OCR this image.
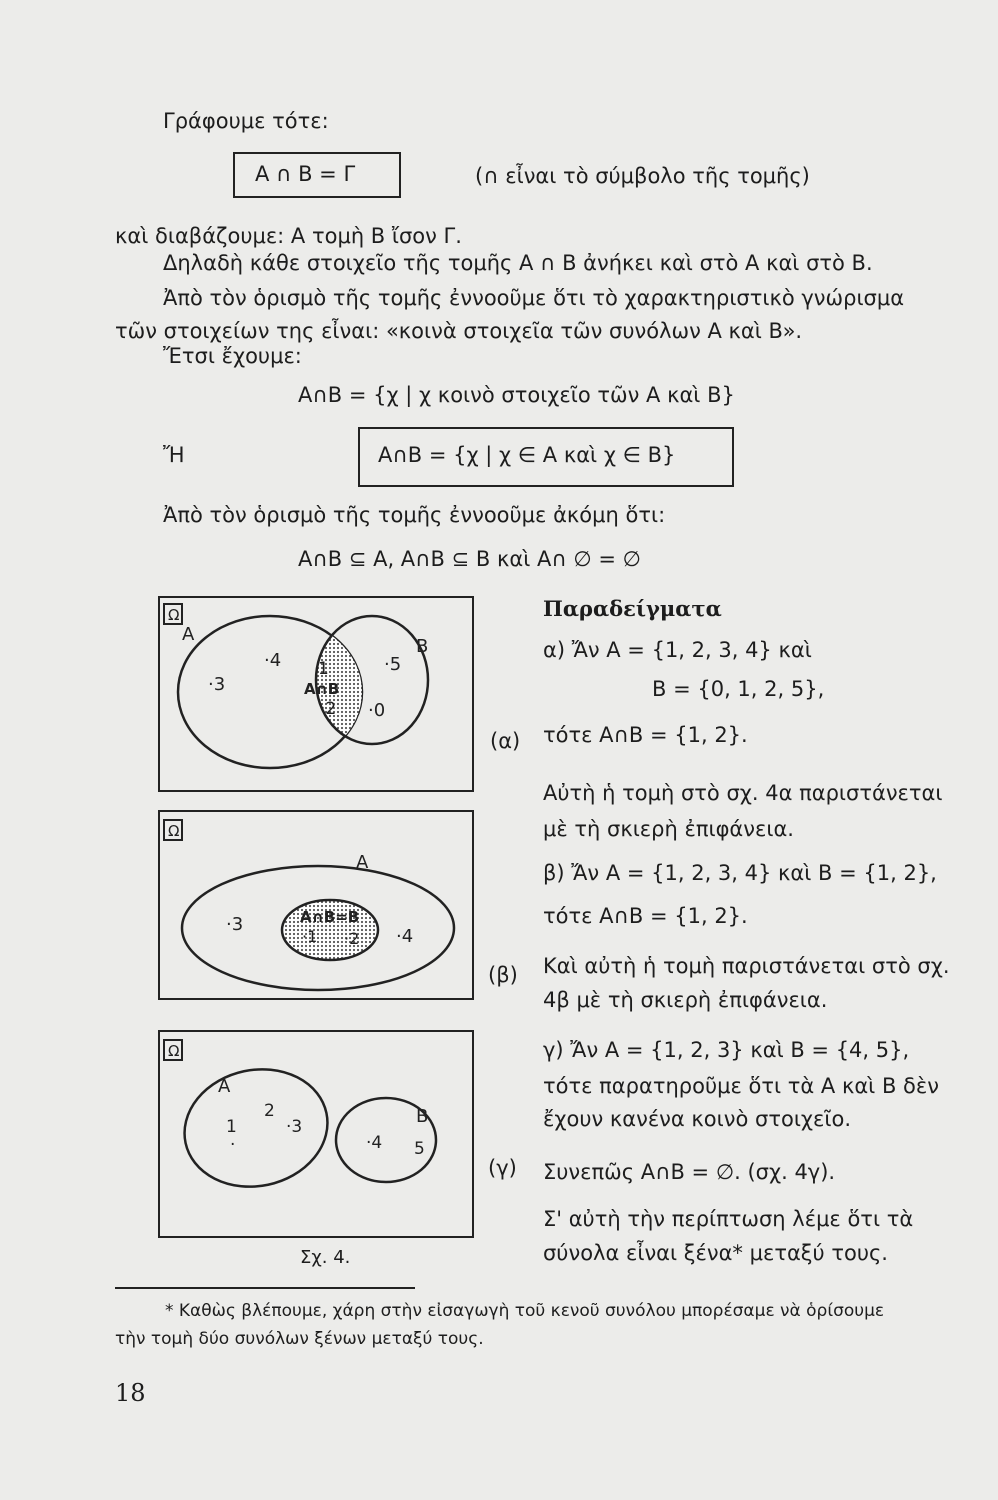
Γράφουμε τότε:
A ∩ B = Γ	(∩ εἶναι τὸ σύμβολο τῆς τομῆς)
καὶ διαβάζουμε: A τομὴ B ἴσον Γ.
Δηλαδὴ κάθε στοιχεῖο τῆς τομῆς A ∩ B ἀνήκει καὶ στὸ A καὶ στὸ B.
Ἀπὸ τὸν ὁρισμὸ τῆς τομῆς ἐννοοῦμε ὅτι τὸ χαρακτηριστικὸ γνώρισμα
τῶν στοιχείων της εἶναι: «κοινὰ στοιχεῖα τῶν συνόλων A καὶ B».
Ἔτσι ἔχουμε:
A∩B = {χ | χ κοινὸ στοιχεῖο τῶν A καὶ B}
Ἤ	A∩B = {χ | χ ∈ A καὶ χ ∈ B}
Ἀπὸ τὸν ὁρισμὸ τῆς τομῆς ἐννοοῦμε ἀκόμη ὅτι:
A∩B ⊆ A, A∩B ⊆ B καὶ A∩ ∅ = ∅
Ω
A
B
·3
·4	·5
1
A∩B
·2 ·0
(α)
Ω
A
·3	A∩B=B
·1 ·2 ·4
(β)
Ω
A
B
2
1	·3
·4 5
·
(γ)
Σχ. 4.
Παραδείγματα
α) Ἄν A = {1, 2, 3, 4} καὶ
B = {0, 1, 2, 5},
τότε A∩B = {1, 2}.
Αὐτὴ ἡ τομὴ στὸ σχ. 4α παριστάνεται
μὲ τὴ σκιερὴ ἐπιφάνεια.
β) Ἄν A = {1, 2, 3, 4} καὶ B = {1, 2},
τότε A∩B = {1, 2}.
Καὶ αὐτὴ ἡ τομὴ παριστάνεται στὸ σχ.
4β μὲ τὴ σκιερὴ ἐπιφάνεια.
γ) Ἄν A = {1, 2, 3} καὶ B = {4, 5},
τότε παρατηροῦμε ὅτι τὰ A καὶ B δὲν
ἔχουν κανένα κοινὸ στοιχεῖο.
Συνεπῶς A∩B = ∅. (σχ. 4γ).
Σ' αὐτὴ τὴν περίπτωση λέμε ὅτι τὰ
σύνολα εἶναι ξένα* μεταξύ τους.
* Καθὼς βλέπουμε, χάρη στὴν εἰσαγωγὴ τοῦ κενοῦ συνόλου μπορέσαμε νὰ ὁρίσουμε
τὴν τομὴ δύο συνόλων ξένων μεταξύ τους.
18
